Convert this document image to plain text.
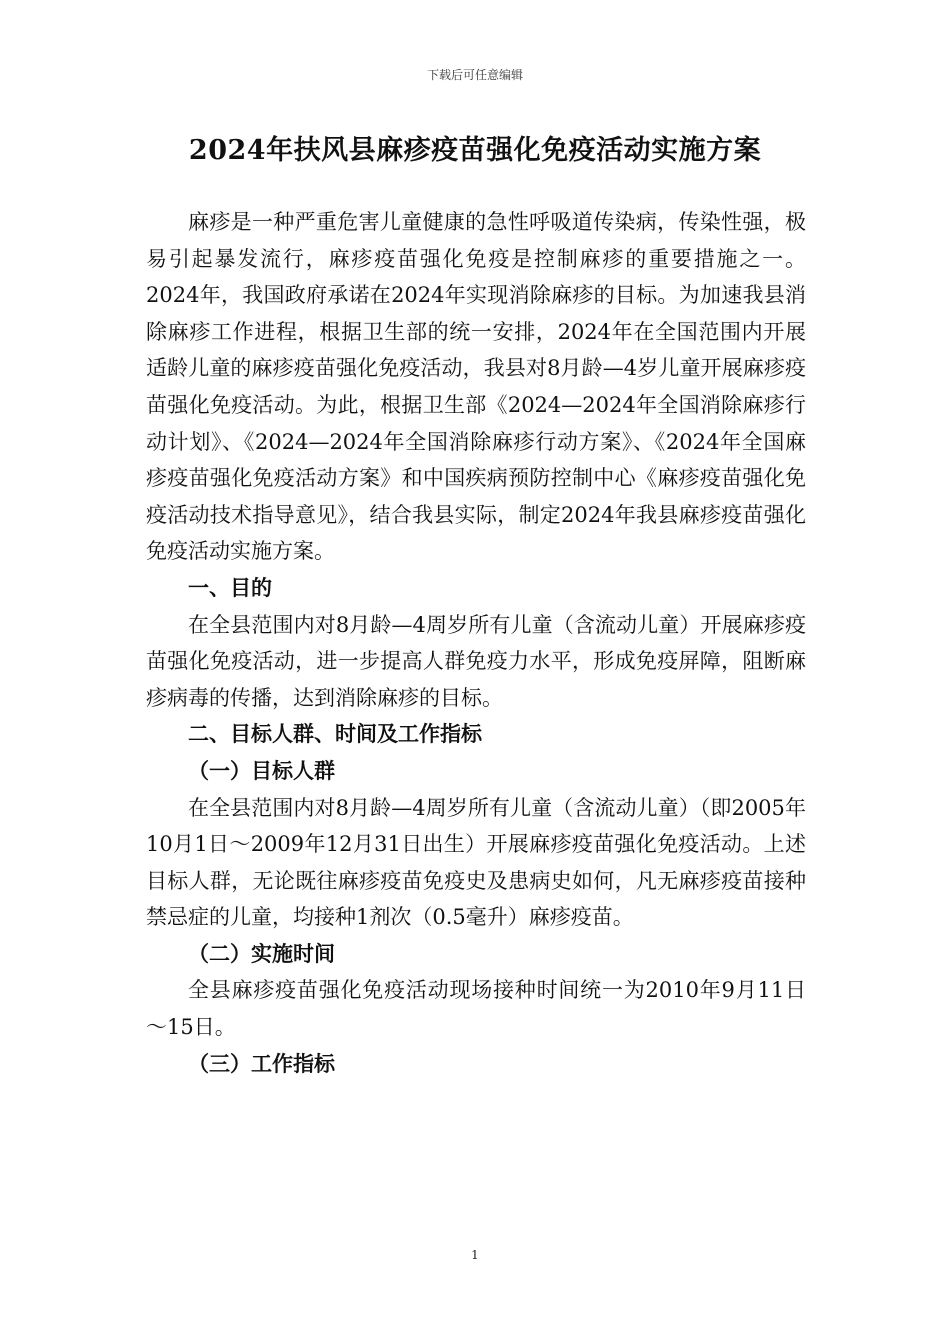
下载后可任意编辑
2024年扶风县麻疹疫苗强化免疫活动实施方案

麻疹是一种严重危害儿童健康的急性呼吸道传染病，传染性强，极易引起暴发流行，麻疹疫苗强化免疫是控制麻疹的重要措施之一。2024年，我国政府承诺在2024年实现消除麻疹的目标。为加速我县消除麻疹工作进程，根据卫生部的统一安排，2024年在全国范围内开展适龄儿童的麻疹疫苗强化免疫活动，我县对8月龄—4岁儿童开展麻疹疫苗强化免疫活动。为此，根据卫生部《2024—2024年全国消除麻疹行动计划》、《2024—2024年全国消除麻疹行动方案》、《2024年全国麻疹疫苗强化免疫活动方案》和中国疾病预防控制中心《麻疹疫苗强化免疫活动技术指导意见》，结合我县实际，制定2024年我县麻疹疫苗强化免疫活动实施方案。

一、目的

在全县范围内对8月龄—4周岁所有儿童（含流动儿童）开展麻疹疫苗强化免疫活动，进一步提高人群免疫力水平，形成免疫屏障，阻断麻疹病毒的传播，达到消除麻疹的目标。

二、目标人群、时间及工作指标

（一）目标人群

在全县范围内对8月龄—4周岁所有儿童（含流动儿童）（即2005年10月1日～2009年12月31日出生）开展麻疹疫苗强化免疫活动。上述目标人群，无论既往麻疹疫苗免疫史及患病史如何，凡无麻疹疫苗接种禁忌症的儿童，均接种1剂次（0.5毫升）麻疹疫苗。

（二）实施时间

全县麻疹疫苗强化免疫活动现场接种时间统一为2010年9月11日～15日。

（三）工作指标

1
